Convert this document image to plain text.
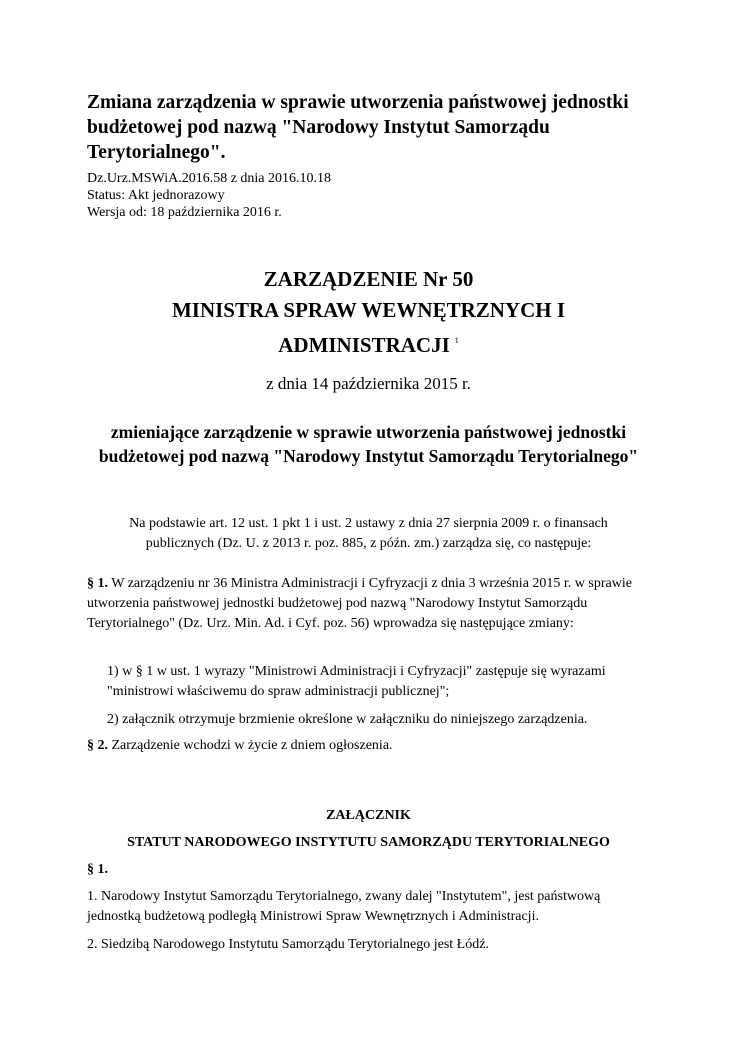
Zmiana zarządzenia w sprawie utworzenia państwowej jednostki budżetowej pod nazwą "Narodowy Instytut Samorządu Terytorialnego".
Dz.Urz.MSWiA.2016.58 z dnia 2016.10.18
Status: Akt jednorazowy
Wersja od: 18 października 2016 r.
ZARZĄDZENIE Nr 50
MINISTRA SPRAW WEWNĘTRZNYCH I
ADMINISTRACJI $^1$
z dnia 14 października 2015 r.
zmieniające zarządzenie w sprawie utworzenia państwowej jednostki budżetowej pod nazwą "Narodowy Instytut Samorządu Terytorialnego"
Na podstawie art. 12 ust. 1 pkt 1 i ust. 2 ustawy z dnia 27 sierpnia 2009 r. o finansach publicznych (Dz. U. z 2013 r. poz. 885, z późn. zm.) zarządza się, co następuje:
§ 1. W zarządzeniu nr 36 Ministra Administracji i Cyfryzacji z dnia 3 września 2015 r. w sprawie utworzenia państwowej jednostki budżetowej pod nazwą "Narodowy Instytut Samorządu Terytorialnego" (Dz. Urz. Min. Ad. i Cyf. poz. 56) wprowadza się następujące zmiany:
1) w § 1 w ust. 1 wyrazy "Ministrowi Administracji i Cyfryzacji" zastępuje się wyrazami "ministrowi właściwemu do spraw administracji publicznej";
2) załącznik otrzymuje brzmienie określone w załączniku do niniejszego zarządzenia.
§ 2. Zarządzenie wchodzi w życie z dniem ogłoszenia.
ZAŁĄCZNIK
STATUT NARODOWEGO INSTYTUTU SAMORZĄDU TERYTORIALNEGO
§ 1.
1. Narodowy Instytut Samorządu Terytorialnego, zwany dalej "Instytutem", jest państwową jednostką budżetową podległą Ministrowi Spraw Wewnętrznych i Administracji.
2. Siedzibą Narodowego Instytutu Samorządu Terytorialnego jest Łódź.
